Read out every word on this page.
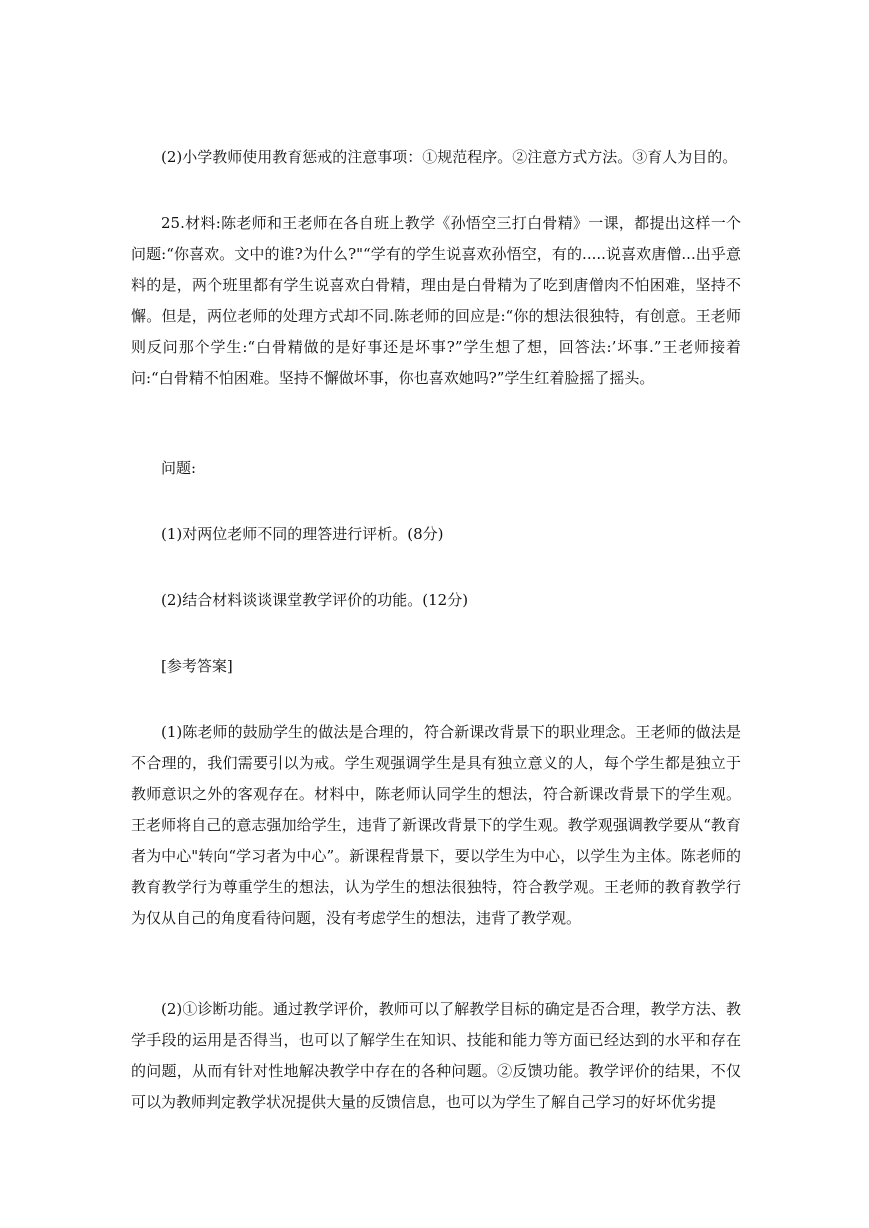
(2)小学教师使用教育惩戒的注意事项：①规范程序。②注意方式方法。③育人为目的。

25.材料:陈老师和王老师在各自班上教学《孙悟空三打白骨精》一课，都提出这样一个问题:“你喜欢。文中的谁?为什么?"“学有的学生说喜欢孙悟空，有的.....说喜欢唐僧...出乎意料的是，两个班里都有学生说喜欢白骨精，理由是白骨精为了吃到唐僧肉不怕困难，坚持不懈。但是，两位老师的处理方式却不同.陈老师的回应是:“你的想法很独特，有创意。王老师则反问那个学生:“白骨精做的是好事还是坏事?”学生想了想，回答法:’坏事.”王老师接着问:“白骨精不怕困难。坚持不懈做坏事，你也喜欢她吗?”学生红着脸摇了摇头。

问题:

(1)对两位老师不同的理答进行评析。(8分)

(2)结合材料谈谈课堂教学评价的功能。(12分)

[参考答案]

(1)陈老师的鼓励学生的做法是合理的，符合新课改背景下的职业理念。王老师的做法是不合理的，我们需要引以为戒。学生观强调学生是具有独立意义的人，每个学生都是独立于教师意识之外的客观存在。材料中，陈老师认同学生的想法，符合新课改背景下的学生观。王老师将自己的意志强加给学生，违背了新课改背景下的学生观。教学观强调教学要从“教育者为中心"转向“学习者为中心”。新课程背景下，要以学生为中心，以学生为主体。陈老师的教育教学行为尊重学生的想法，认为学生的想法很独特，符合教学观。王老师的教育教学行为仅从自己的角度看待问题，没有考虑学生的想法，违背了教学观。

(2)①诊断功能。通过教学评价，教师可以了解教学目标的确定是否合理，教学方法、教学手段的运用是否得当，也可以了解学生在知识、技能和能力等方面已经达到的水平和存在的问题，从而有针对性地解决教学中存在的各种问题。②反馈功能。教学评价的结果，不仅可以为教师判定教学状况提供大量的反馈信息，也可以为学生了解自己学习的好坏优劣提
